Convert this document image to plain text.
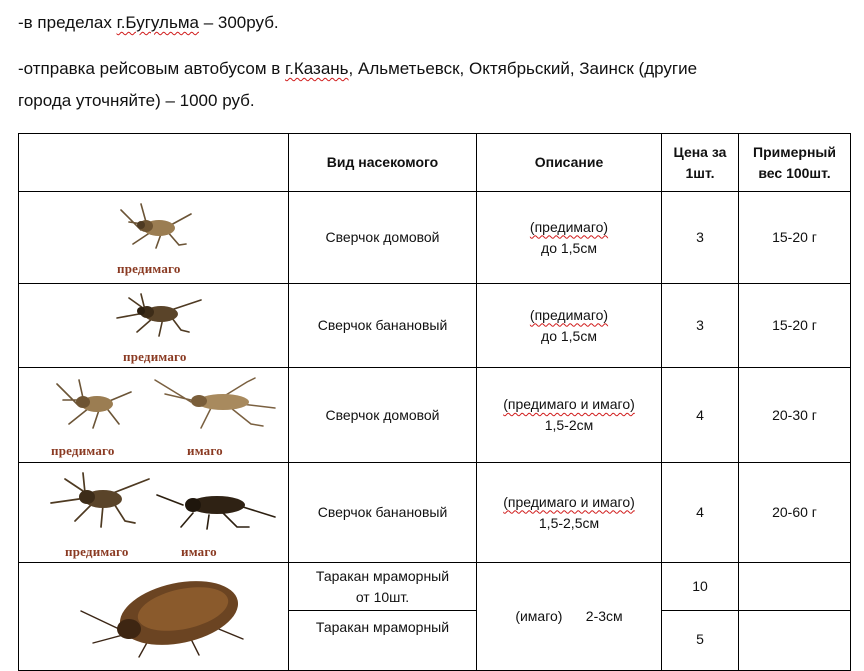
-в пределах г.Бугульма – 300руб.
-отправка рейсовым автобусом в г.Казань, Альметьевск, Октябрьский, Заинск (другие
города уточняйте) – 1000 руб.
	Вид насекомого	Описание	Цена за
1шт.	Примерный
вес 100шт.

предимаго	Сверчок домовой	(предимаго)
до 1,5см	3	15-20 г

предимаго	Сверчок банановый	(предимаго)
до 1,5см	3	15-20 г

предимаго имаго	Сверчок домовой	(предимаго и имаго)
1,5-2см	4	20-30 г

предимаго имаго	Сверчок банановый	(предимаго и имаго)
1,5-2,5см	4	20-60 г

	Таракан мраморный
от 10шт.	(имаго)      2-3см	10	
	Таракан мраморный		5	
